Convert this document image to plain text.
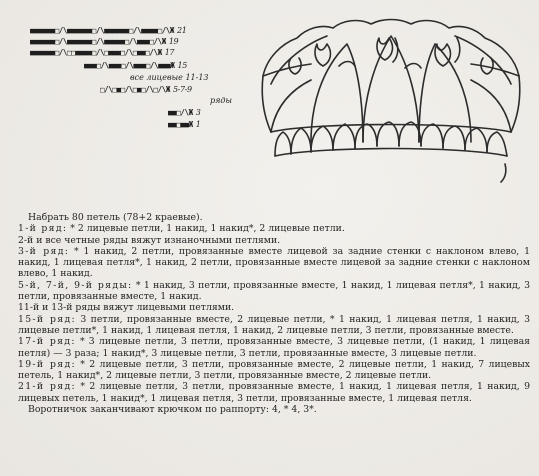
■■■■■■□/\■■■■■■□/\■■■■■■□/\■■■■□/\Ж 21
■■■■■■□/\■■■■■■□/\■■■■■□/\■■■□/\Ж 19
■■■■■■□/\□□■■■■□/\□■■■□/\□■■□/\Ж 17
■■■□/\■■■□/\■■■□/\■■■Ж 15
все лицевые 11-13
□/\□■□/\□■□/\□/\Ж 5-7-9
ряды
■■□/\Ж 3
■■□■■Ж 1

Набрать 80 петель (78+2 краевые).

1-й ряд: * 2 лицевые петли, 1 накид, 1 накид*, 2 лицевые петли.

2-й и все четные ряды вяжут изнаночными петлями.

3-й ряд: * 1 накид, 2 петли, провязанные вместе лицевой за задние стенки с наклоном влево, 1 накид, 1 лицевая петля*, 1 накид, 2 петли, провязанные вместе лицевой за задние стенки с наклоном влево, 1 накид.

5-й, 7-й, 9-й ряды: * 1 накид, 3 петли, провязанные вместе, 1 накид, 1 лицевая петля*, 1 накид, 3 петли, провязанные вместе, 1 накид.

11-й и 13-й ряды вяжут лицевыми петлями.

15-й ряд: 3 петли, провязанные вместе, 2 лицевые петли, * 1 накид, 1 лицевая петля, 1 накид, 3 лицевые петли*, 1 накид, 1 лицевая петля, 1 накид, 2 лицевые петли, 3 петли, провязанные вместе.

17-й ряд: * 3 лицевые петли, 3 петли, провязанные вместе, 3 лицевые петли, (1 накид, 1 лицевая петля) — 3 раза; 1 накид*, 3 лицевые петли, 3 петли, провязанные вместе, 3 лицевые петли.

19-й ряд: * 2 лицевые петли, 3 петли, провязанные вместе, 2 лицевые петли, 1 накид, 7 лицевых петель, 1 накид*, 2 лицевые петли, 3 петли, провязанные вместе, 2 лицевые петли.

21-й ряд: * 2 лицевые петли, 3 петли, провязанные вместе, 1 накид, 1 лицевая петля, 1 накид, 9 лицевых петель, 1 накид*, 1 лицевая петля, 3 петли, провязанные вместе, 1 лицевая петля.

Воротничок заканчивают крючком по раппорту: 4, * 4, 3*.
